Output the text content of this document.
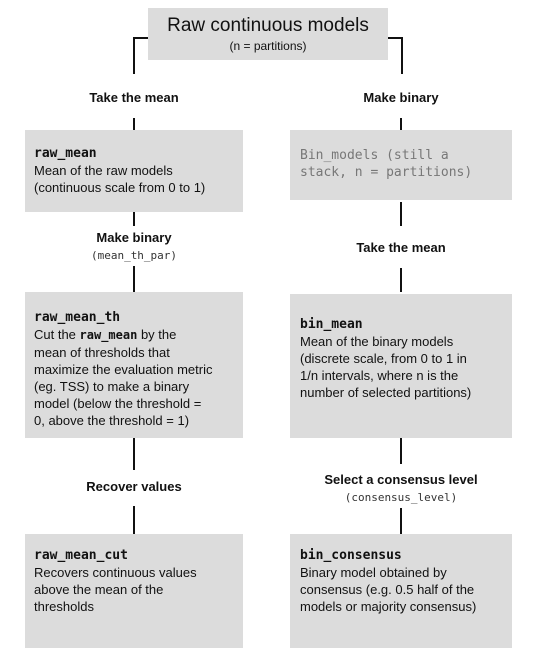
Raw continuous models
(n = partitions)
Take the mean
raw_mean
Mean of the raw models
(continuous scale from 0 to 1)
Make binary
(mean_th_par)
raw_mean_th
Cut the raw_mean by the
mean of thresholds that
maximize the evaluation metric
(eg. TSS) to make a binary
model (below the threshold =
0, above the threshold = 1)
Recover values
raw_mean_cut
Recovers continuous values
above the mean of the
thresholds
Make binary
Bin_models (still a
stack, n = partitions)
Take the mean
bin_mean
Mean of the binary models
(discrete scale, from 0 to 1 in
1/n intervals, where n is the
number of selected partitions)
Select a consensus level
(consensus_level)
bin_consensus
Binary model obtained by
consensus (e.g. 0.5 half of the
models or majority consensus)
